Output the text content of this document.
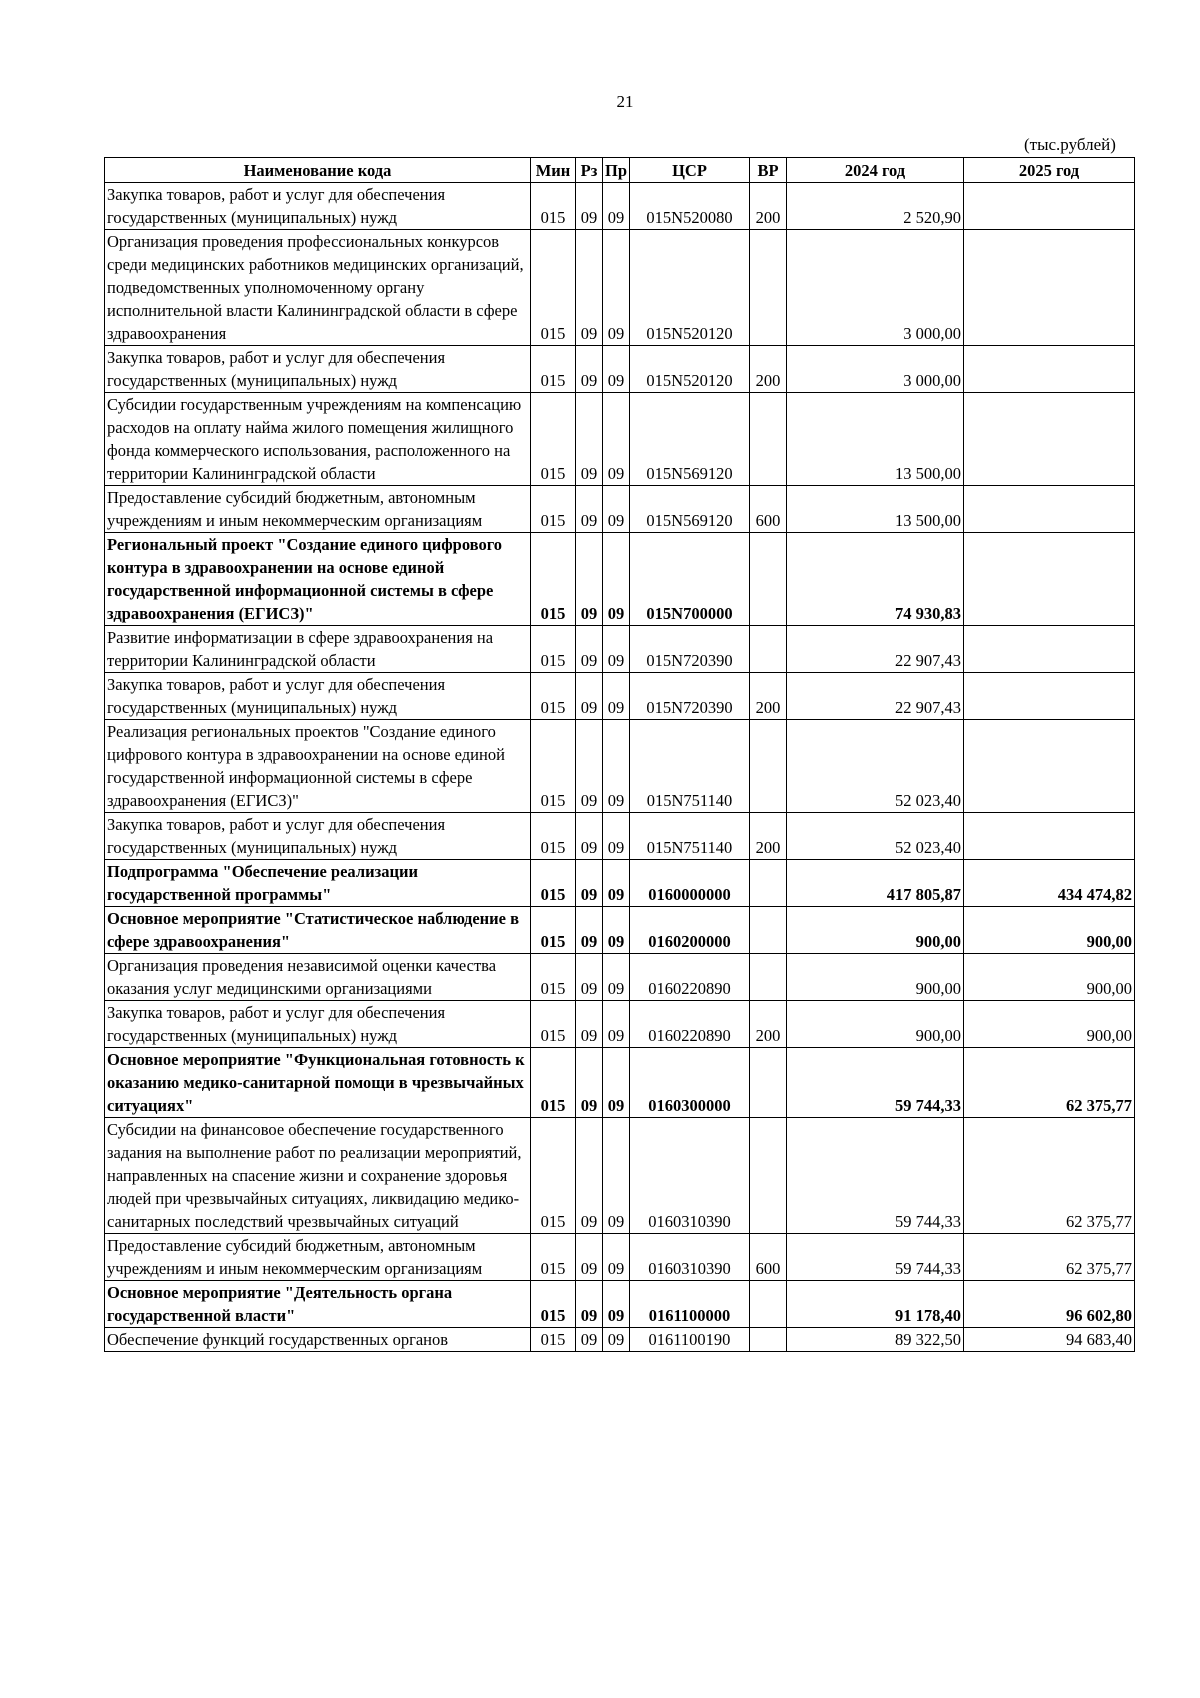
21
(тыс.рублей)
Наименование кода	Мин	Рз	Пр	ЦСР	ВР	2024 год	2025 год
Закупка товаров, работ и услуг для обеспечения государственных (муниципальных) нужд	015	09	09	015N520080	200	2 520,90	
Организация проведения профессиональных конкурсов среди медицинских работников медицинских организаций, подведомственных уполномоченному органу исполнительной власти Калининградской области в сфере здравоохранения	015	09	09	015N520120		3 000,00	
Закупка товаров, работ и услуг для обеспечения государственных (муниципальных) нужд	015	09	09	015N520120	200	3 000,00	
Субсидии государственным учреждениям на компенсацию расходов на оплату найма жилого помещения жилищного фонда коммерческого использования, расположенного на территории Калининградской области	015	09	09	015N569120		13 500,00	
Предоставление субсидий бюджетным, автономным учреждениям и иным некоммерческим организациям	015	09	09	015N569120	600	13 500,00	
Региональный проект "Создание единого цифрового контура в здравоохранении на основе единой государственной информационной системы в сфере здравоохранения (ЕГИСЗ)"	015	09	09	015N700000		74 930,83	
Развитие информатизации в сфере здравоохранения на территории Калининградской области	015	09	09	015N720390		22 907,43	
Закупка товаров, работ и услуг для обеспечения государственных (муниципальных) нужд	015	09	09	015N720390	200	22 907,43	
Реализация региональных проектов "Создание единого цифрового контура в здравоохранении на основе единой государственной информационной системы в сфере здравоохранения (ЕГИСЗ)"	015	09	09	015N751140		52 023,40	
Закупка товаров, работ и услуг для обеспечения государственных (муниципальных) нужд	015	09	09	015N751140	200	52 023,40	
Подпрограмма "Обеспечение реализации государственной программы"	015	09	09	0160000000		417 805,87	434 474,82
Основное мероприятие "Статистическое наблюдение в сфере здравоохранения"	015	09	09	0160200000		900,00	900,00
Организация проведения независимой оценки качества оказания услуг медицинскими организациями	015	09	09	0160220890		900,00	900,00
Закупка товаров, работ и услуг для обеспечения государственных (муниципальных) нужд	015	09	09	0160220890	200	900,00	900,00
Основное мероприятие "Функциональная готовность к оказанию медико-санитарной помощи в чрезвычайных ситуациях"	015	09	09	0160300000		59 744,33	62 375,77
Субсидии на финансовое обеспечение государственного задания на выполнение работ по реализации мероприятий, направленных на спасение жизни и сохранение здоровья людей при чрезвычайных ситуациях, ликвидацию медико-санитарных последствий чрезвычайных ситуаций	015	09	09	0160310390		59 744,33	62 375,77
Предоставление субсидий бюджетным, автономным учреждениям и иным некоммерческим организациям	015	09	09	0160310390	600	59 744,33	62 375,77
Основное мероприятие "Деятельность органа государственной власти"	015	09	09	0161100000		91 178,40	96 602,80
Обеспечение функций государственных органов	015	09	09	0161100190		89 322,50	94 683,40
